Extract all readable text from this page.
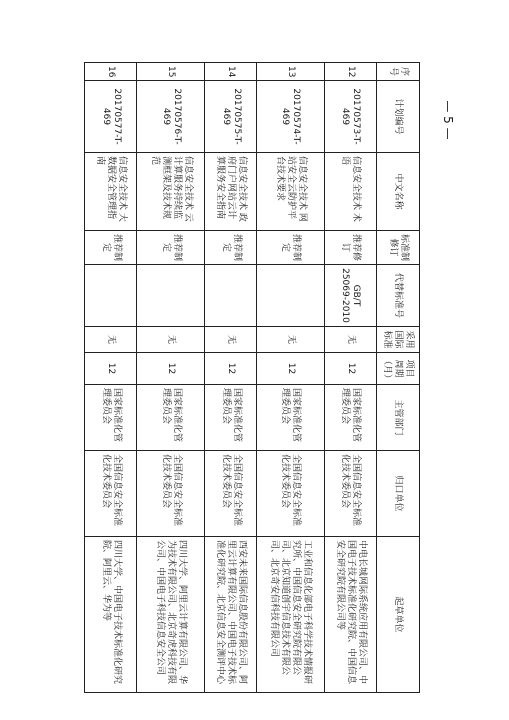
— 5 —
序号	计划编号	中文名称	标准制修订	代替标准号	采用国际标准	项目周期（月）	主管部门	归口单位	起草单位
12	20170573-T-469	信息安全技术 术语	推荐修订	GB/T 25069-2010	无	12	国家标准化管理委员会	全国信息安全标准化技术委员会	中电长城网际系统应用有限公司、中国电子技术标准化研究院、中国信息安全研究院有限公司等
13	20170574-T-469	信息安全技术 网站安全云防护平台技术要求	推荐制定		无	12	国家标准化管理委员会	全国信息安全标准化技术委员会	工业和信息化部电子科学技术情报研究所、中国信息安全研究院有限公司、北京知道创宇信息技术有限公司、北京奇安信科技有限公司
14	20170575-T-469	信息安全技术 政府门户网站云计算服务安全指南	推荐制定		无	12	国家标准化管理委员会	全国信息安全标准化技术委员会	西安未来国际信息股份有限公司、阿里云计算有限公司、中国电子技术标准化研究院、北京信息安全测评中心
15	20170576-T-469	信息安全技术 云计算服务持续监测框架及技术规范	推荐制定		无	12	国家标准化管理委员会	全国信息安全标准化技术委员会	四川大学、阿里云计算有限公司、华为技术有限公司、北京奇虎科技有限公司、中国电子科技信息安全公司
16	20170577-T-469	信息安全技术 大数据安全管理指南	推荐制定		无	12	国家标准化管理委员会	全国信息安全标准化技术委员会	四川大学、中国电子技术标准化研究院、阿里云、华为等
